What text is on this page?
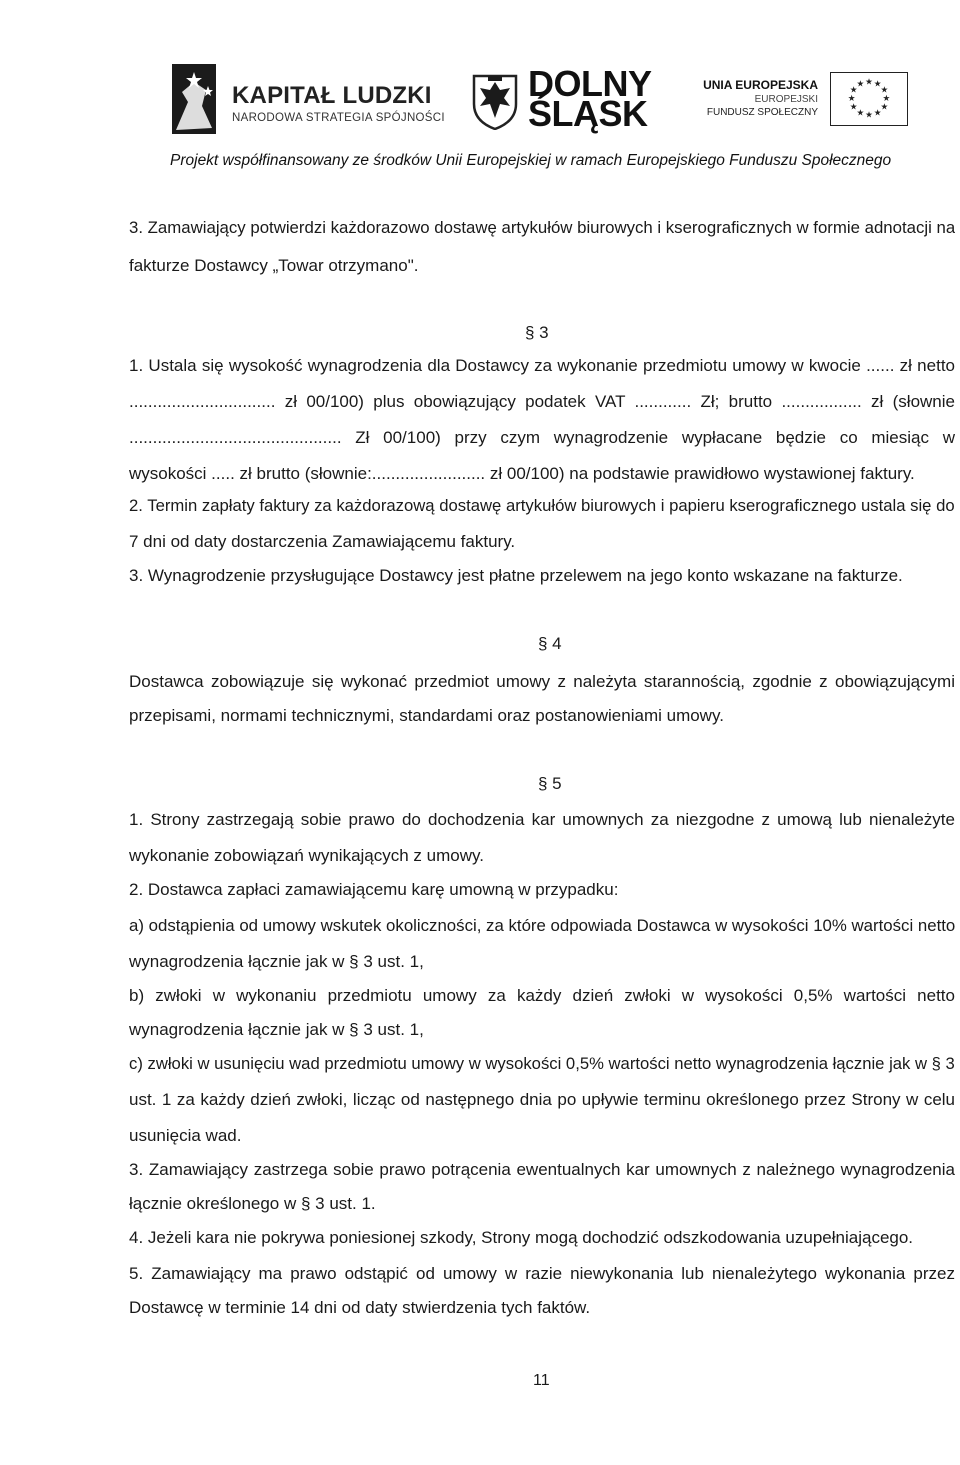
KAPITAŁ LUDZKI
NARODOWA STRATEGIA SPÓJNOŚCI
DOLNY
ŚLĄSK
UNIA EUROPEJSKA
EUROPEJSKI
FUNDUSZ SPOŁECZNY
★ ★
★
★
★
★
★
★
★
★
★
★
Projekt współfinansowany ze środków Unii Europejskiej w ramach Europejskiego Funduszu Społecznego
3. Zamawiający potwierdzi każdorazowo dostawę artykułów biurowych i kserograficznych w formie adnotacji na
fakturze Dostawcy „Towar otrzymano".
§ 3
1. Ustala się wysokość wynagrodzenia dla Dostawcy za wykonanie przedmiotu umowy w kwocie ...... zł netto
............................... zł 00/100) plus obowiązujący podatek VAT ............ Zł; brutto ................. zł (słownie
............................................. Zł 00/100) przy czym wynagrodzenie wypłacane będzie co miesiąc w
wysokości ..... zł brutto (słownie:........................ zł 00/100) na podstawie prawidłowo wystawionej faktury.
2. Termin zapłaty faktury za każdorazową dostawę artykułów biurowych i papieru kserograficznego ustala się do
7 dni od daty dostarczenia Zamawiającemu faktury.
3. Wynagrodzenie przysługujące Dostawcy jest płatne przelewem na jego konto wskazane na fakturze.
§ 4
Dostawca zobowiązuje się wykonać przedmiot umowy z należyta starannością, zgodnie z obowiązującymi
przepisami, normami technicznymi, standardami oraz postanowieniami umowy.
§ 5
1. Strony zastrzegają sobie prawo do dochodzenia kar umownych za niezgodne z umową lub nienależyte
wykonanie zobowiązań wynikających z umowy.
2. Dostawca zapłaci zamawiającemu karę umowną w przypadku:
a) odstąpienia od umowy wskutek okoliczności, za które odpowiada Dostawca w wysokości 10% wartości netto
wynagrodzenia łącznie jak w § 3 ust. 1,
b) zwłoki w wykonaniu przedmiotu umowy za każdy dzień zwłoki w wysokości 0,5% wartości netto
wynagrodzenia łącznie jak w § 3 ust. 1,
c) zwłoki w usunięciu wad przedmiotu umowy w wysokości 0,5% wartości netto wynagrodzenia łącznie jak w § 3
ust. 1 za każdy dzień zwłoki, licząc od następnego dnia po upływie terminu określonego przez Strony w celu
usunięcia wad.
3. Zamawiający zastrzega sobie prawo potrącenia ewentualnych kar umownych z należnego wynagrodzenia
łącznie określonego w § 3 ust. 1.
4. Jeżeli kara nie pokrywa poniesionej szkody, Strony mogą dochodzić odszkodowania uzupełniającego.
5. Zamawiający ma prawo odstąpić od umowy w razie niewykonania lub nienależytego wykonania przez
Dostawcę w terminie 14 dni od daty stwierdzenia tych faktów.
11
